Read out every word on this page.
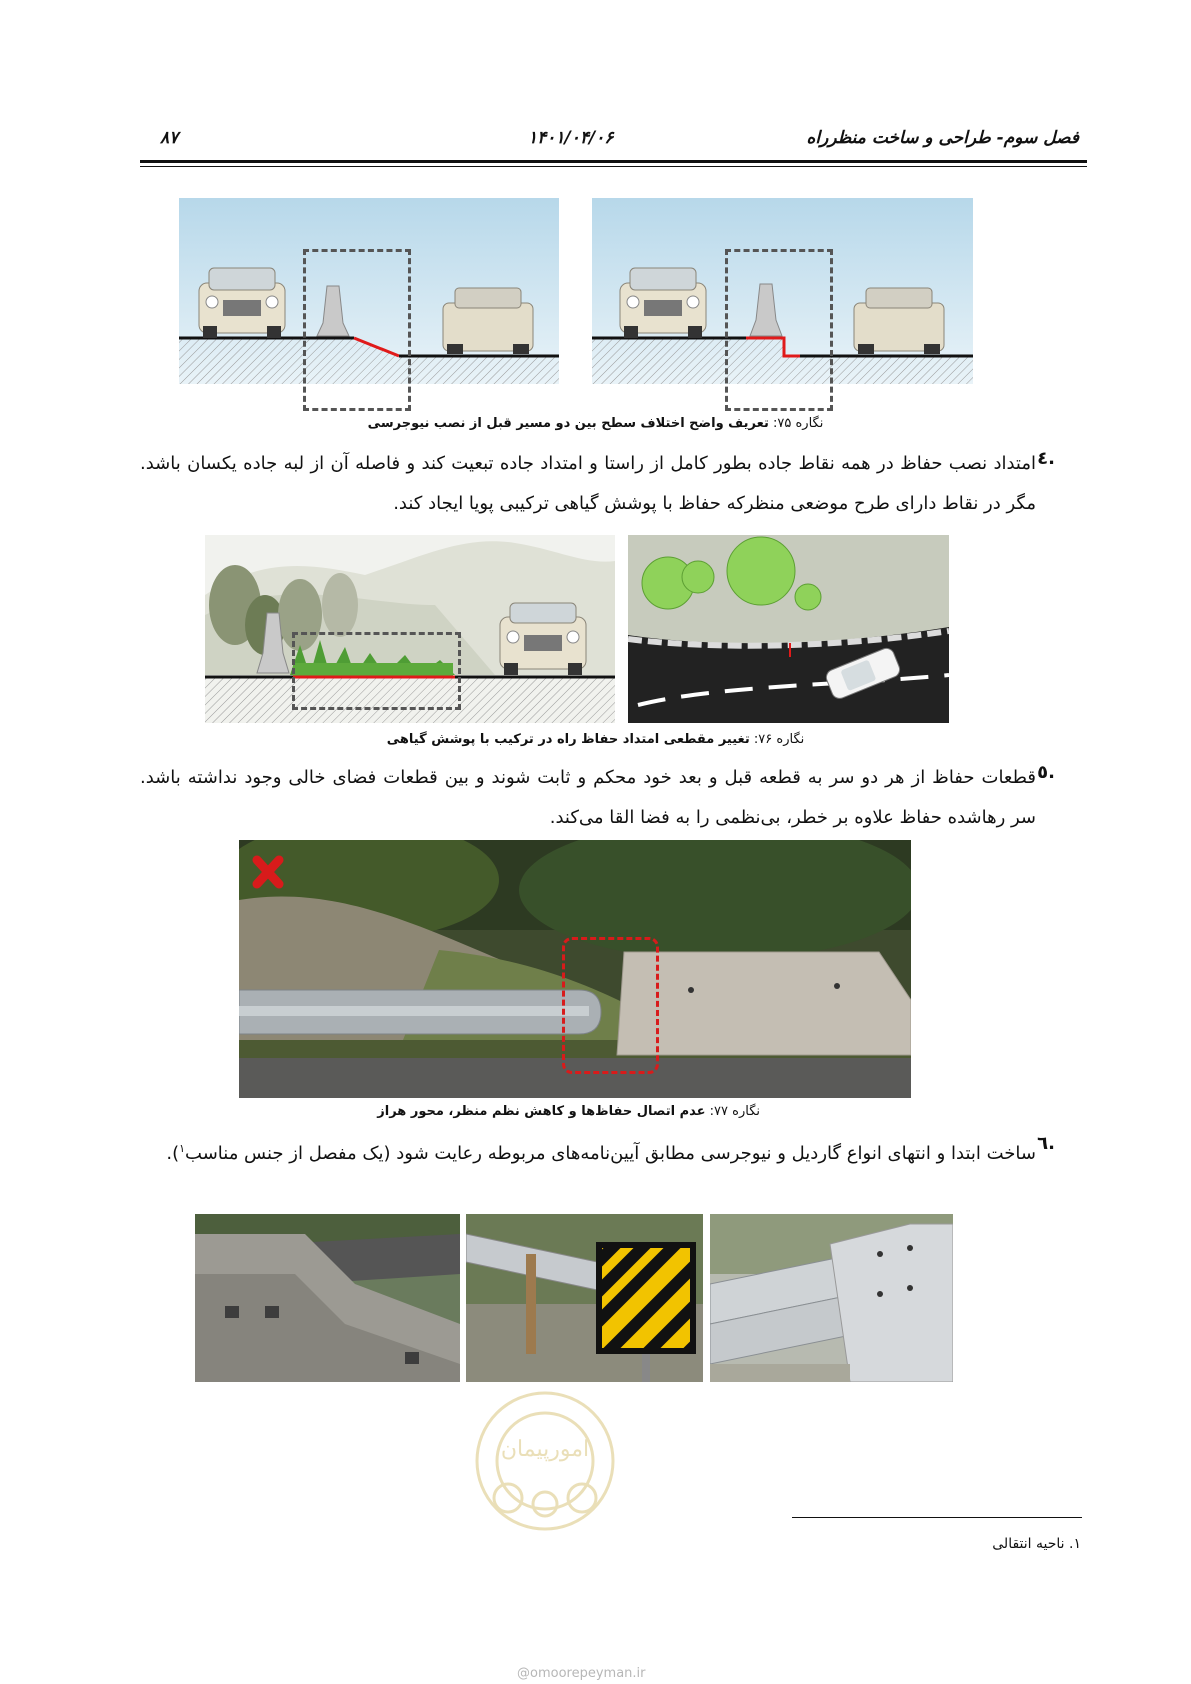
۸۷	۱۴۰۱/۰۴/۰۶	فصل سوم- طراحی و ساخت منظرراه
نگاره ۷۵: تعریف واضح اختلاف سطح بین دو مسیر قبل از نصب نیوجرسی
٤.
امتداد نصب حفاظ در همه نقاط جاده بطور کامل از راستا و امتداد جاده تبعیت کند و فاصله آن از لبه جاده یکسان باشد. مگر در نقاط دارای طرح موضعی منظرکه حفاظ با پوشش گیاهی ترکیبی پویا ایجاد کند.
نگاره ۷۶: تغییر مقطعی امتداد حفاظ راه در ترکیب با پوشش گیاهی
٥.
قطعات حفاظ از هر دو سر به قطعه قبل و بعد خود محکم و ثابت شوند و بین قطعات فضای خالی وجود نداشته باشد. سر رهاشده حفاظ علاوه بر خطر، بی‌نظمی را به فضا القا می‌کند.
نگاره ۷۷: عدم اتصال حفاظ‌ها و کاهش نظم منظر، محور هراز
٦.
ساخت ابتدا و انتهای انواع گاردیل و نیوجرسی مطابق آیین‌نامه‌های مربوطه رعایت شود (یک مفصل از جنس مناسب$^١$).
١. ناحیه انتقالی
امورپیمان
@omoorepeyman.ir
